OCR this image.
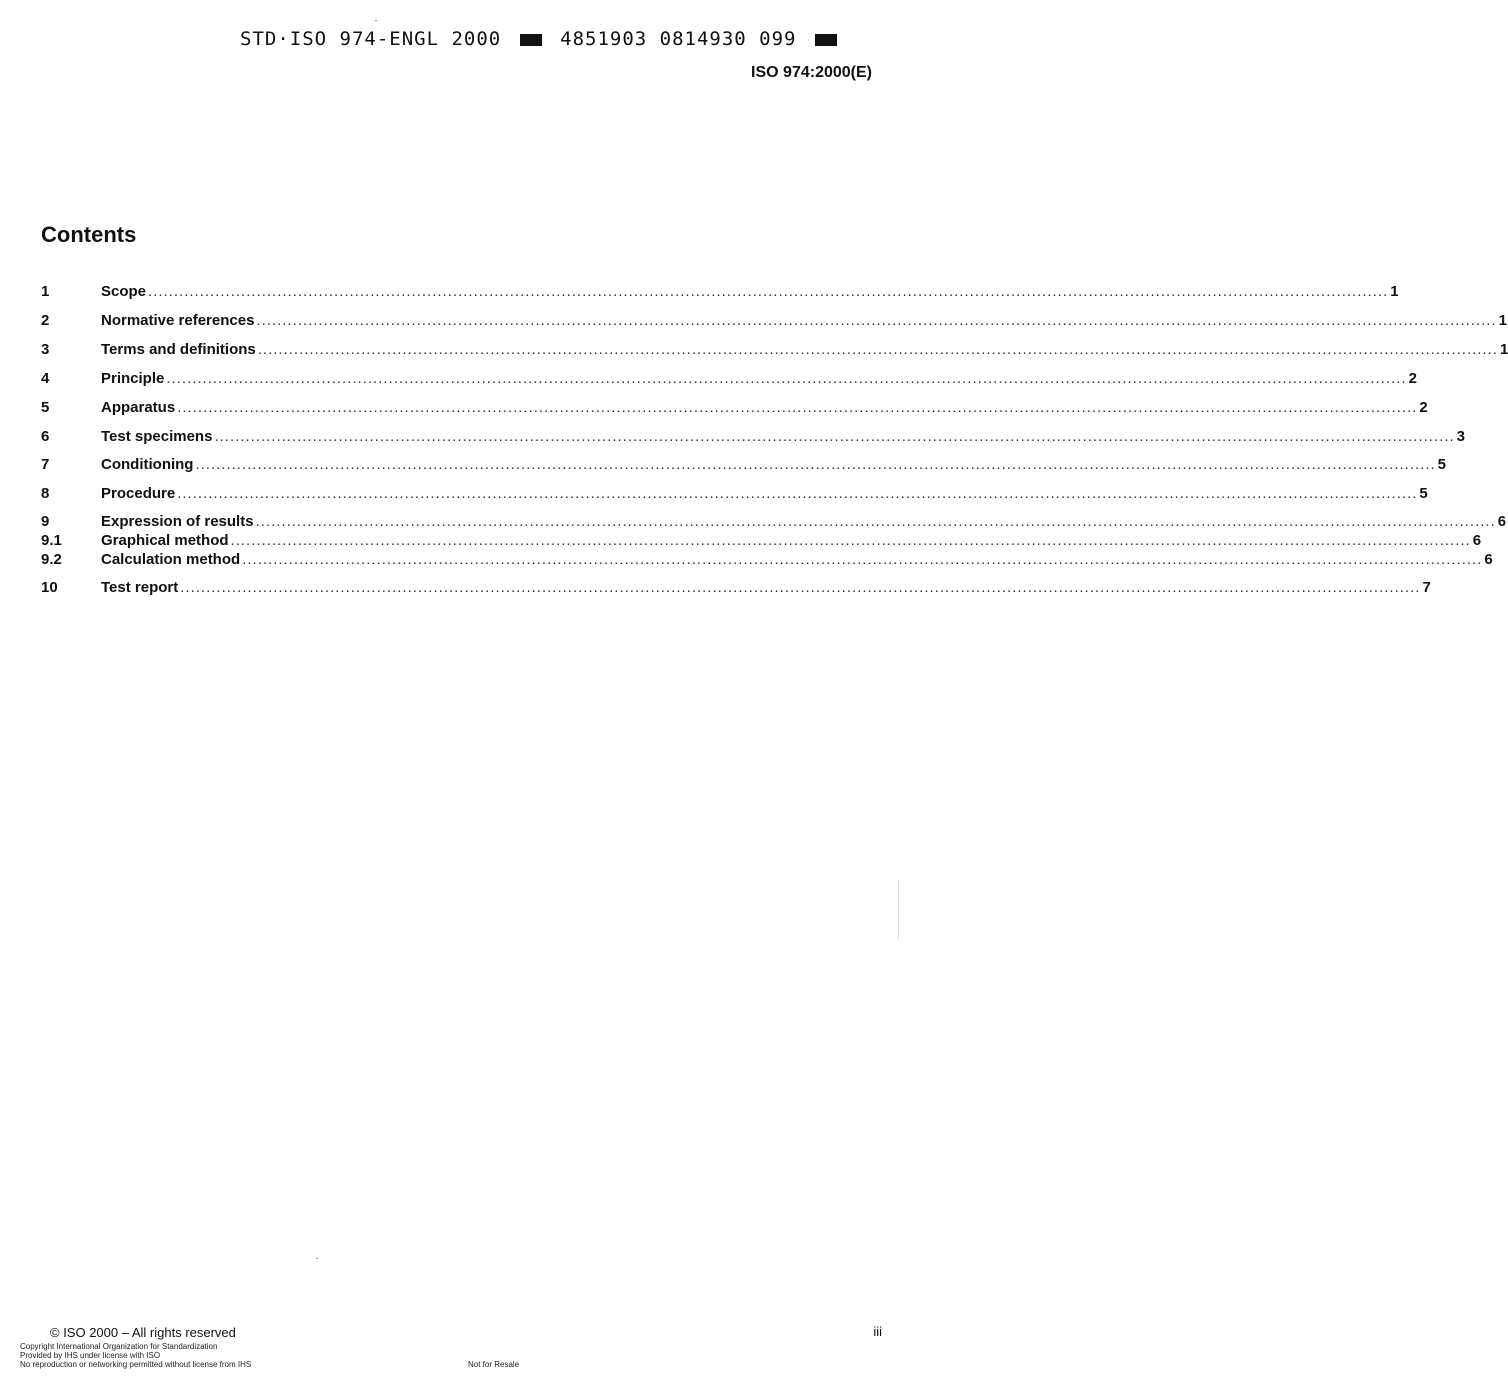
STD·ISO 974-ENGL 2000	4851903 0814930 099
ISO 974:2000(E)
Contents
1	Scope ................................................................................................................................................................................................................................................ 1
2	Normative references ................................................................................................................................................................................................................................................ 1
3	Terms and definitions ................................................................................................................................................................................................................................................ 1
4	Principle ................................................................................................................................................................................................................................................ 2
5	Apparatus ................................................................................................................................................................................................................................................ 2
6	Test specimens ................................................................................................................................................................................................................................................ 3
7	Conditioning ................................................................................................................................................................................................................................................ 5
8	Procedure ................................................................................................................................................................................................................................................ 5
9	Expression of results ................................................................................................................................................................................................................................................ 6
9.1	Graphical method ................................................................................................................................................................................................................................................ 6
9.2	Calculation method ................................................................................................................................................................................................................................................ 6
10	Test report ................................................................................................................................................................................................................................................ 7
© ISO 2000 – All rights reserved
Copyright International Organization for Standardization
Provided by IHS under license with ISO
No reproduction or networking permitted without license from IHS	Not for Resale
iii
